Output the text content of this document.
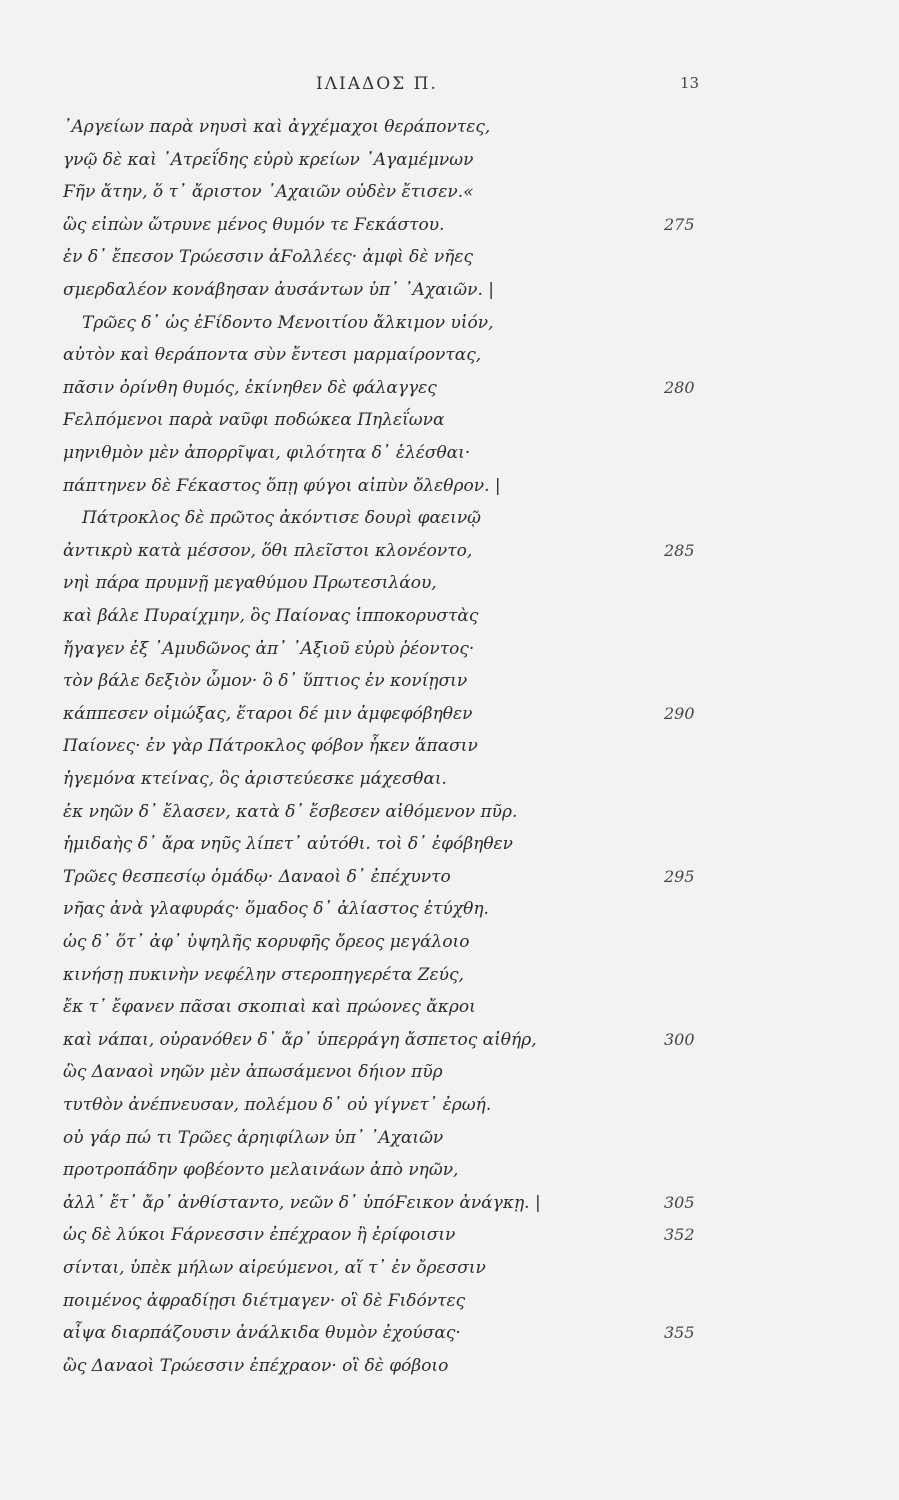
ΙΛΙΑΔΟΣ Π.	13
᾿Αργείων παρὰ νηυσὶ καὶ ἀγχέμαχοι θεράποντες,
γνῷ δὲ καὶ ᾿Ατρεΐδης εὐρὺ κρείων ᾿Αγαμέμνων
Ϝῆν ἄτην, ὅ τ᾿ ἄριστον ᾿Αχαιῶν οὐδὲν ἔτισεν.«
ὣς εἰπὼν ὤτρυνε μένος θυμόν τε Ϝεκάστου.	275
ἐν δ᾿ ἔπεσον Τρώεσσιν ἀϜολλέες· ἀμφὶ δὲ νῆες
σμερδαλέον κονάβησαν ἀυσάντων ὑπ᾿ ᾿Αχαιῶν. |
Τρῶες δ᾿ ὡς ἐϜίδοντο Μενοιτίου ἄλκιμον υἱόν,
αὐτὸν καὶ θεράποντα σὺν ἔντεσι μαρμαίροντας,
πᾶσιν ὀρίνθη θυμός, ἐκίνηθεν δὲ φάλαγγες	280
Ϝελπόμενοι παρὰ ναῦφι ποδώκεα Πηλεΐωνα
μηνιθμὸν μὲν ἀπορρῖψαι, φιλότητα δ᾿ ἑλέσθαι·
πάπτηνεν δὲ Ϝέκαστος ὅπῃ φύγοι αἰπὺν ὄλεθρον. |
Πάτροκλος δὲ πρῶτος ἀκόντισε δουρὶ φαεινῷ
ἀντικρὺ κατὰ μέσσον, ὅθι πλεῖστοι κλονέοντο,	285
νηὶ πάρα πρυμνῇ μεγαθύμου Πρωτεσιλάου,
καὶ βάλε Πυραίχμην, ὃς Παίονας ἱπποκορυστὰς
ἤγαγεν ἐξ ᾿Αμυδῶνος ἀπ᾿ ᾿Αξιοῦ εὐρὺ ῥέοντος·
τὸν βάλε δεξιὸν ὦμον· ὃ δ᾿ ὕπτιος ἐν κονίῃσιν
κάππεσεν οἰμώξας, ἕταροι δέ μιν ἀμφεφόβηθεν	290
Παίονες· ἐν γὰρ Πάτροκλος φόβον ἧκεν ἅπασιν
ἡγεμόνα κτείνας, ὃς ἀριστεύεσκε μάχεσθαι.
ἐκ νηῶν δ᾿ ἔλασεν, κατὰ δ᾿ ἔσβεσεν αἰθόμενον πῦρ.
ἡμιδαὴς δ᾿ ἄρα νηῦς λίπετ᾿ αὐτόθι. τοὶ δ᾿ ἐφόβηθεν
Τρῶες θεσπεσίῳ ὁμάδῳ· Δαναοὶ δ᾿ ἐπέχυντο	295
νῆας ἀνὰ γλαφυράς· ὅμαδος δ᾿ ἀλίαστος ἐτύχθη.
ὡς δ᾿ ὅτ᾿ ἀφ᾿ ὑψηλῆς κορυφῆς ὄρεος μεγάλοιο
κινήσῃ πυκινὴν νεφέλην στεροπηγερέτα Ζεύς,
ἔκ τ᾿ ἔφανεν πᾶσαι σκοπιαὶ καὶ πρώονες ἄκροι
καὶ νάπαι, οὐρανόθεν δ᾿ ἄρ᾿ ὑπερράγη ἄσπετος αἰθήρ,	300
ὣς Δαναοὶ νηῶν μὲν ἀπωσάμενοι δήιον πῦρ
τυτθὸν ἀνέπνευσαν, πολέμου δ᾿ οὐ γίγνετ᾿ ἐρωή.
οὐ γάρ πώ τι Τρῶες ἀρηιφίλων ὑπ᾿ ᾿Αχαιῶν
προτροπάδην φοβέοντο μελαινάων ἀπὸ νηῶν,
ἀλλ᾿ ἔτ᾿ ἄρ᾿ ἀνθίσταντο, νεῶν δ᾿ ὑπόϜεικον ἀνάγκῃ. |	305
ὡς δὲ λύκοι Ϝάρνεσσιν ἐπέχραον ἢ ἐρίφοισιν	352
σίνται, ὑπὲκ μήλων αἱρεύμενοι, αἵ τ᾿ ἐν ὄρεσσιν
ποιμένος ἀφραδίῃσι διέτμαγεν· οἳ δὲ Ϝιδόντες
αἶψα διαρπάζουσιν ἀνάλκιδα θυμὸν ἐχούσας·	355
ὣς Δαναοὶ Τρώεσσιν ἐπέχραον· οἳ δὲ φόβοιο
